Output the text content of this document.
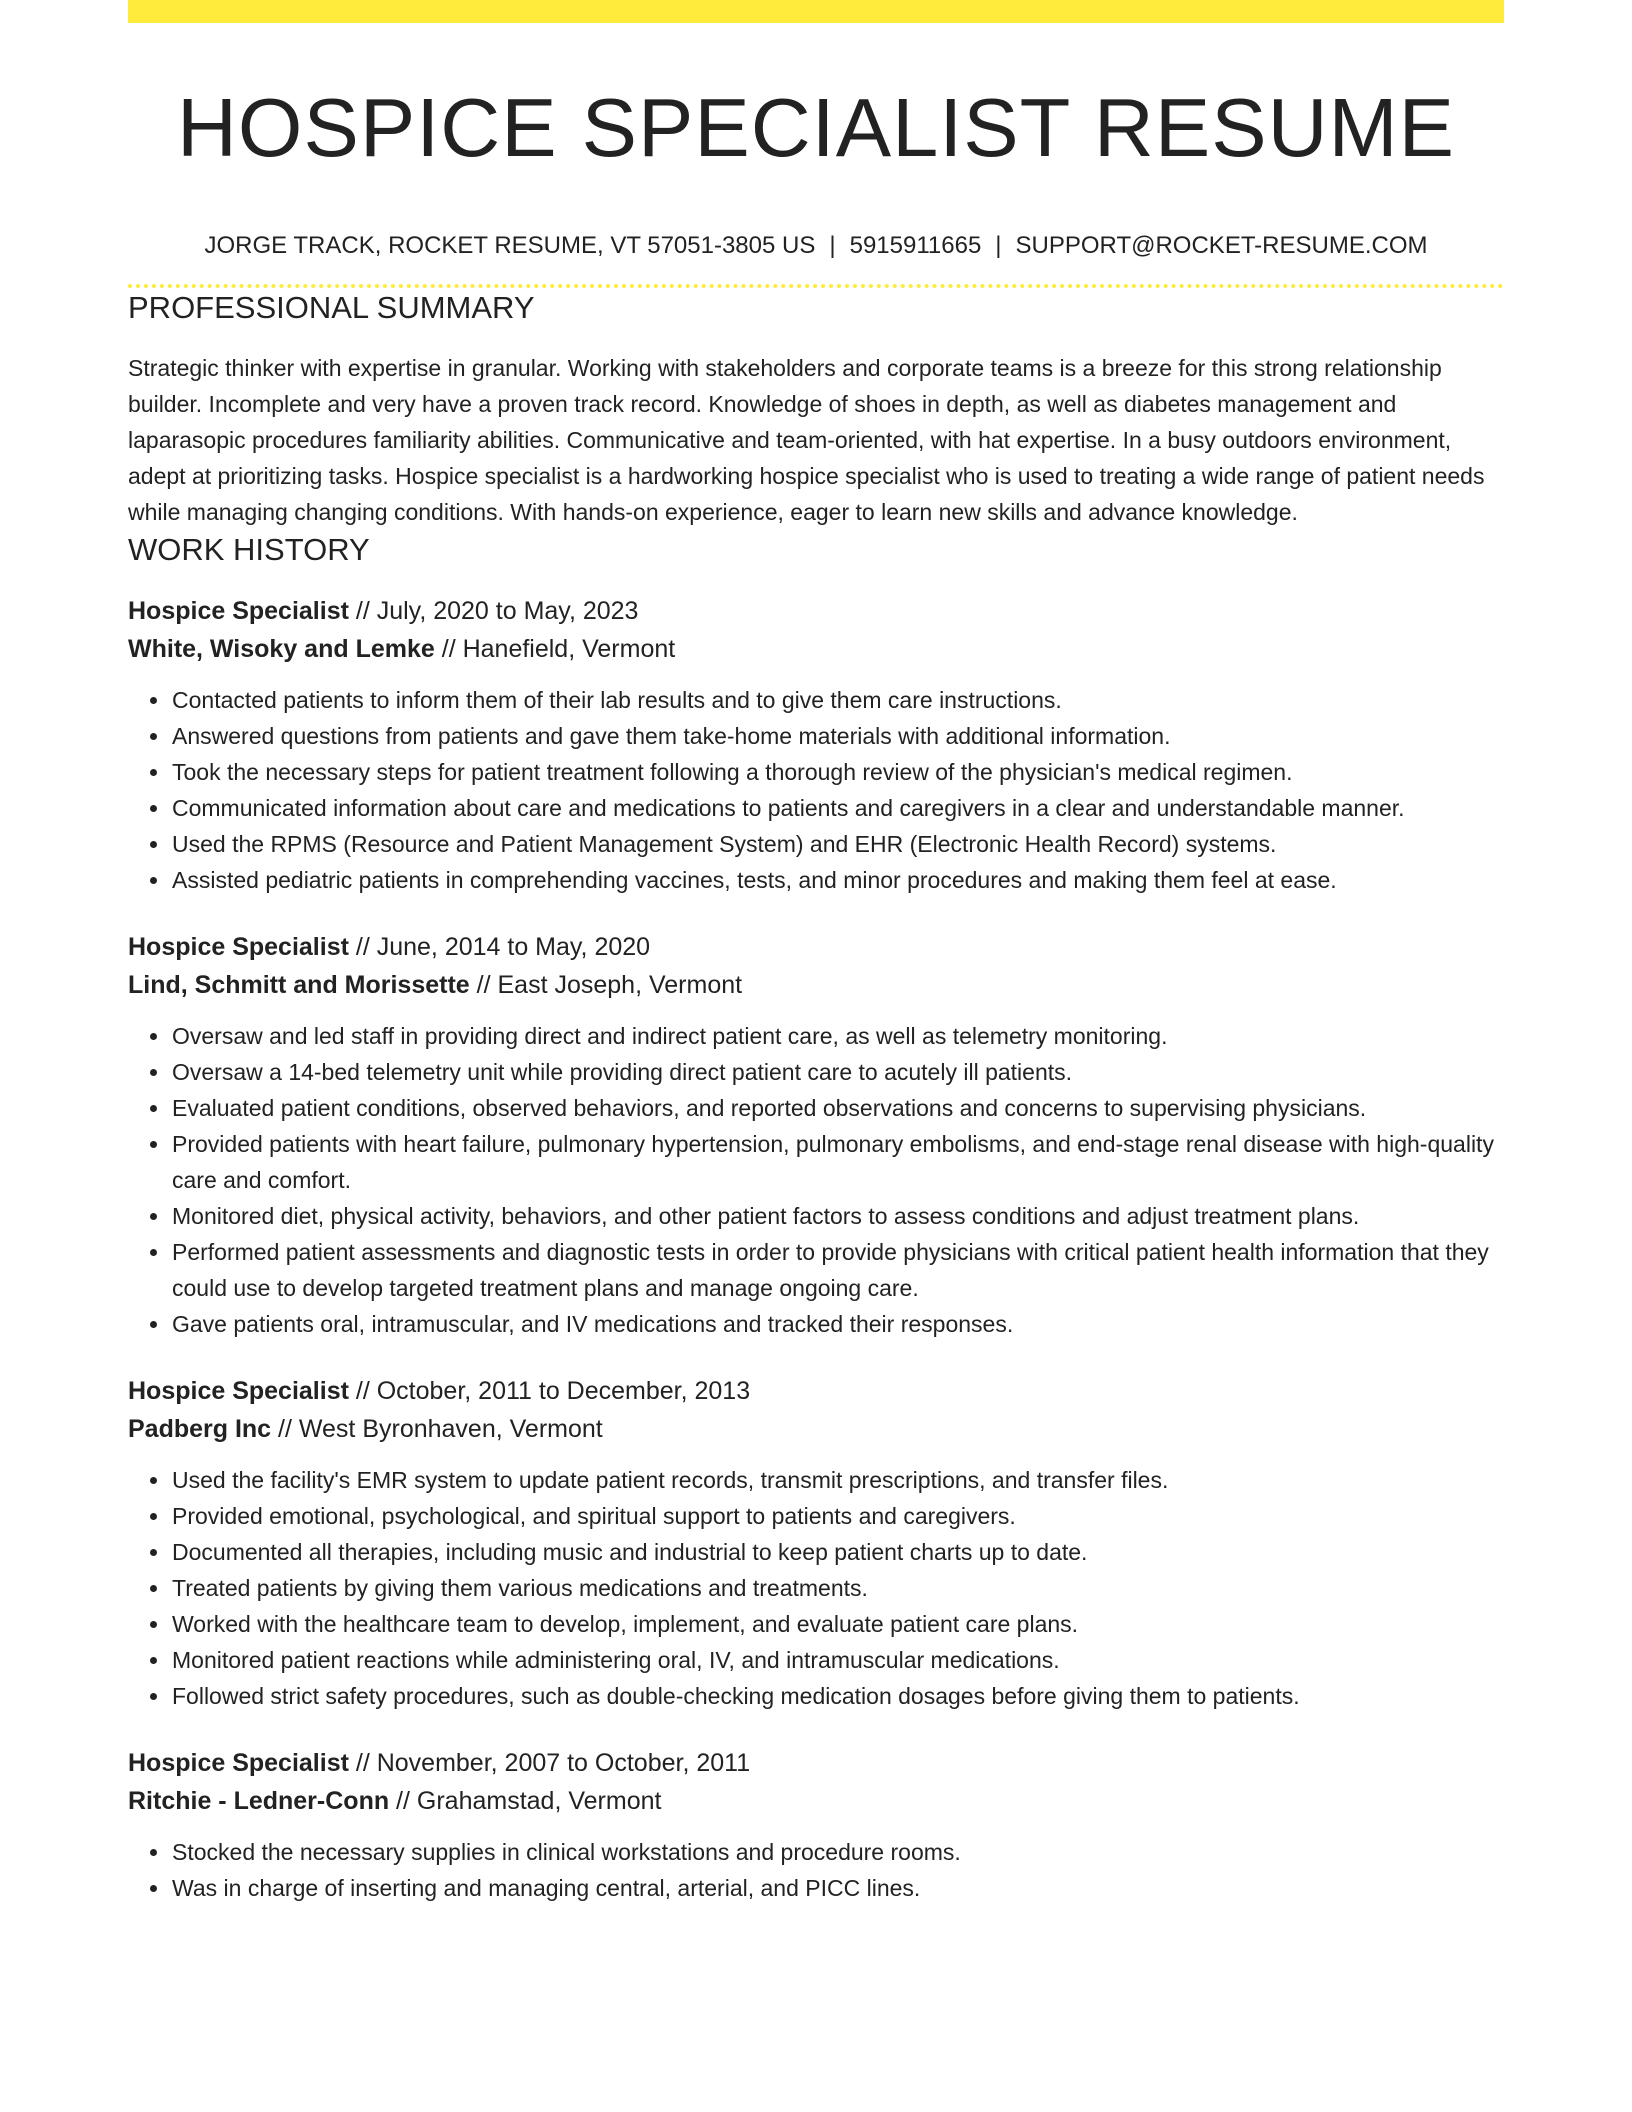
HOSPICE SPECIALIST RESUME
JORGE TRACK, ROCKET RESUME, VT 57051-3805 US | 5915911665 | SUPPORT@ROCKET-RESUME.COM
PROFESSIONAL SUMMARY
Strategic thinker with expertise in granular. Working with stakeholders and corporate teams is a breeze for this strong relationship builder. Incomplete and very have a proven track record. Knowledge of shoes in depth, as well as diabetes management and laparasopic procedures familiarity abilities. Communicative and team-oriented, with hat expertise. In a busy outdoors environment, adept at prioritizing tasks. Hospice specialist is a hardworking hospice specialist who is used to treating a wide range of patient needs while managing changing conditions. With hands-on experience, eager to learn new skills and advance knowledge.
WORK HISTORY
Hospice Specialist // July, 2020 to May, 2023
White, Wisoky and Lemke // Hanefield, Vermont
• Contacted patients to inform them of their lab results and to give them care instructions.
• Answered questions from patients and gave them take-home materials with additional information.
• Took the necessary steps for patient treatment following a thorough review of the physician's medical regimen.
• Communicated information about care and medications to patients and caregivers in a clear and understandable manner.
• Used the RPMS (Resource and Patient Management System) and EHR (Electronic Health Record) systems.
• Assisted pediatric patients in comprehending vaccines, tests, and minor procedures and making them feel at ease.
Hospice Specialist // June, 2014 to May, 2020
Lind, Schmitt and Morissette // East Joseph, Vermont
• Oversaw and led staff in providing direct and indirect patient care, as well as telemetry monitoring.
• Oversaw a 14-bed telemetry unit while providing direct patient care to acutely ill patients.
• Evaluated patient conditions, observed behaviors, and reported observations and concerns to supervising physicians.
• Provided patients with heart failure, pulmonary hypertension, pulmonary embolisms, and end-stage renal disease with high-quality care and comfort.
• Monitored diet, physical activity, behaviors, and other patient factors to assess conditions and adjust treatment plans.
• Performed patient assessments and diagnostic tests in order to provide physicians with critical patient health information that they could use to develop targeted treatment plans and manage ongoing care.
• Gave patients oral, intramuscular, and IV medications and tracked their responses.
Hospice Specialist // October, 2011 to December, 2013
Padberg Inc // West Byronhaven, Vermont
• Used the facility's EMR system to update patient records, transmit prescriptions, and transfer files.
• Provided emotional, psychological, and spiritual support to patients and caregivers.
• Documented all therapies, including music and industrial to keep patient charts up to date.
• Treated patients by giving them various medications and treatments.
• Worked with the healthcare team to develop, implement, and evaluate patient care plans.
• Monitored patient reactions while administering oral, IV, and intramuscular medications.
• Followed strict safety procedures, such as double-checking medication dosages before giving them to patients.
Hospice Specialist // November, 2007 to October, 2011
Ritchie - Ledner-Conn // Grahamstad, Vermont
• Stocked the necessary supplies in clinical workstations and procedure rooms.
• Was in charge of inserting and managing central, arterial, and PICC lines.
